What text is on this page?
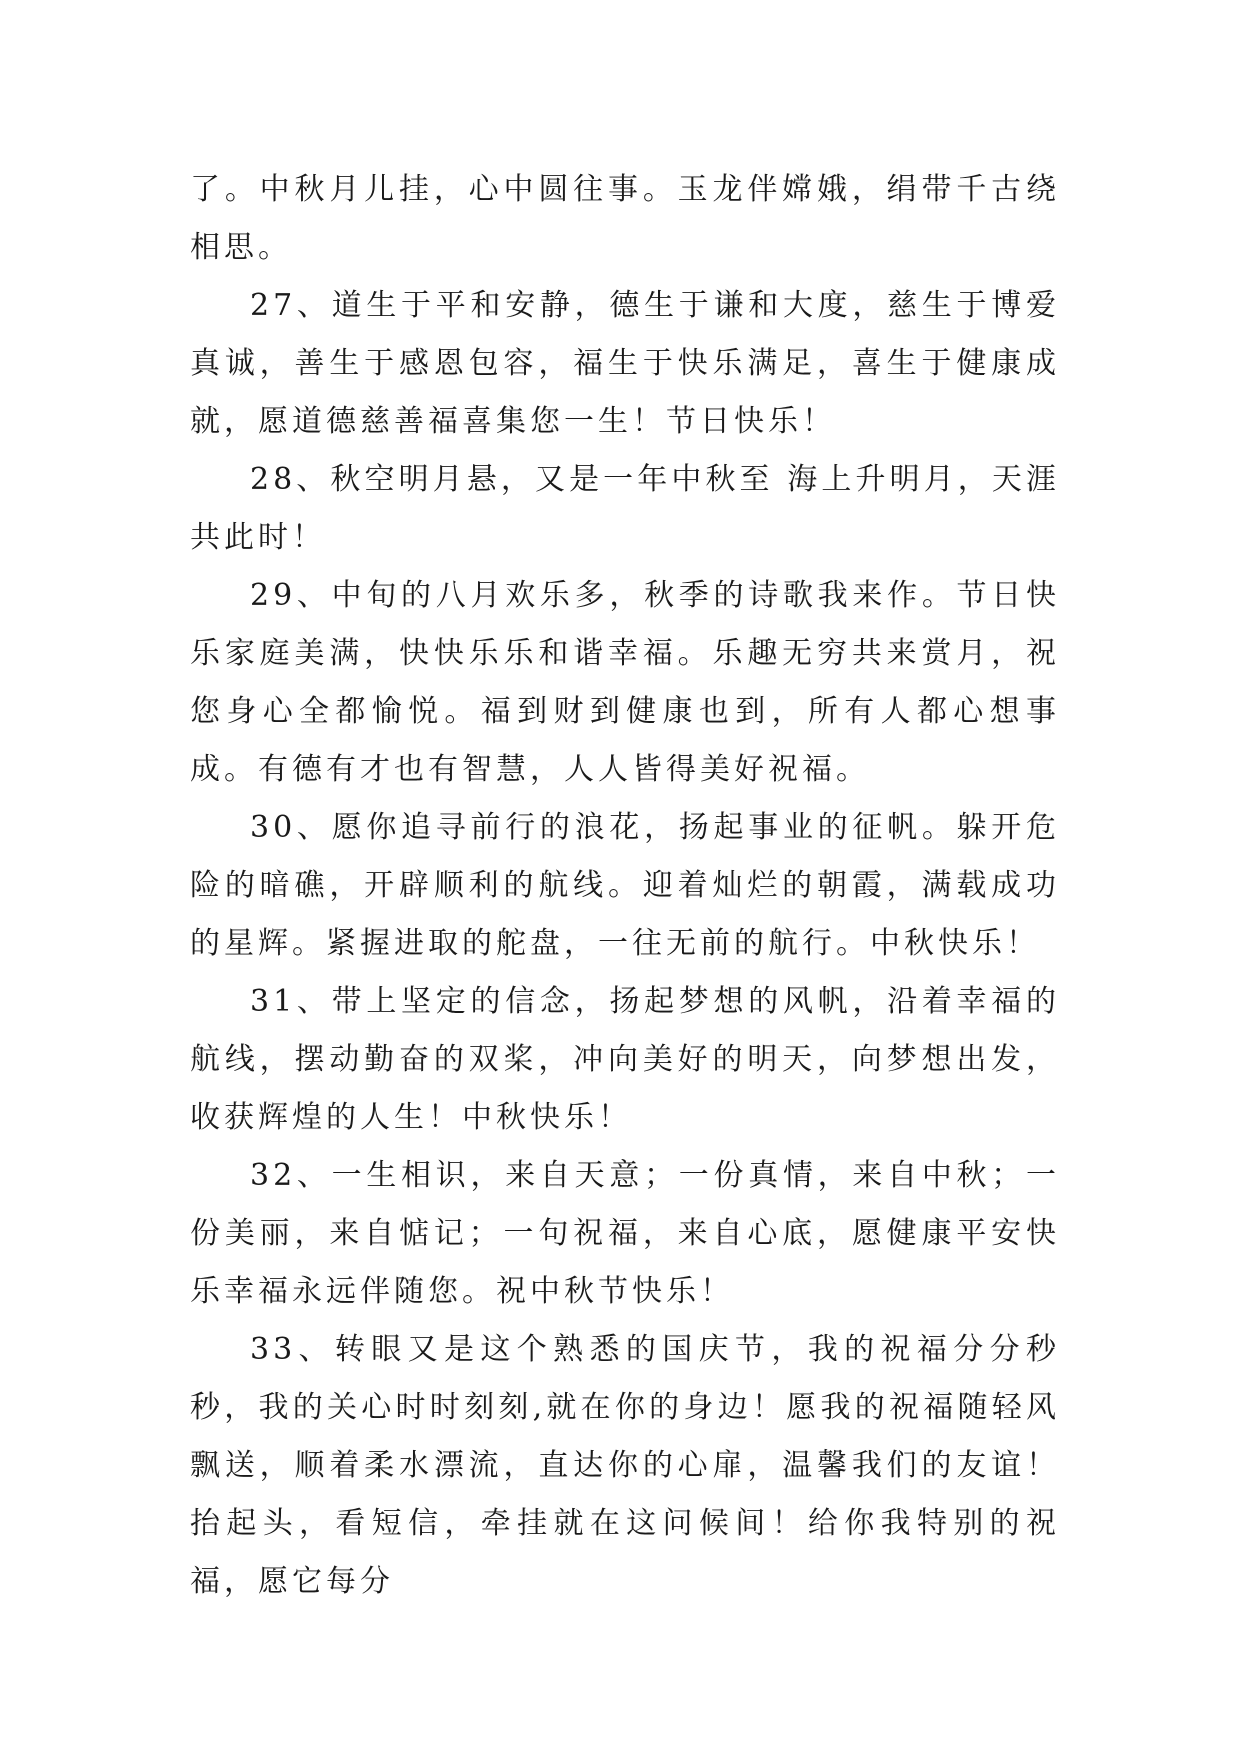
了。中秋月儿挂，心中圆往事。玉龙伴嫦娥，绢带千古绕相思。

27、道生于平和安静，德生于谦和大度，慈生于博爱真诚，善生于感恩包容，福生于快乐满足，喜生于健康成就，愿道德慈善福喜集您一生！节日快乐！

28、秋空明月悬，又是一年中秋至 海上升明月，天涯共此时！

29、中旬的八月欢乐多，秋季的诗歌我来作。节日快乐家庭美满，快快乐乐和谐幸福。乐趣无穷共来赏月，祝您身心全都愉悦。福到财到健康也到，所有人都心想事成。有德有才也有智慧，人人皆得美好祝福。

30、愿你追寻前行的浪花，扬起事业的征帆。躲开危险的暗礁，开辟顺利的航线。迎着灿烂的朝霞，满载成功的星辉。紧握进取的舵盘，一往无前的航行。中秋快乐！

31、带上坚定的信念，扬起梦想的风帆，沿着幸福的航线，摆动勤奋的双桨，冲向美好的明天，向梦想出发，收获辉煌的人生！中秋快乐！

32、一生相识，来自天意；一份真情，来自中秋；一份美丽，来自惦记；一句祝福，来自心底，愿健康平安快乐幸福永远伴随您。祝中秋节快乐！

33、转眼又是这个熟悉的国庆节，我的祝福分分秒秒，我的关心时时刻刻,就在你的身边！愿我的祝福随轻风飘送，顺着柔水漂流，直达你的心扉，温馨我们的友谊！抬起头，看短信，牵挂就在这问候间！给你我特别的祝福，愿它每分
